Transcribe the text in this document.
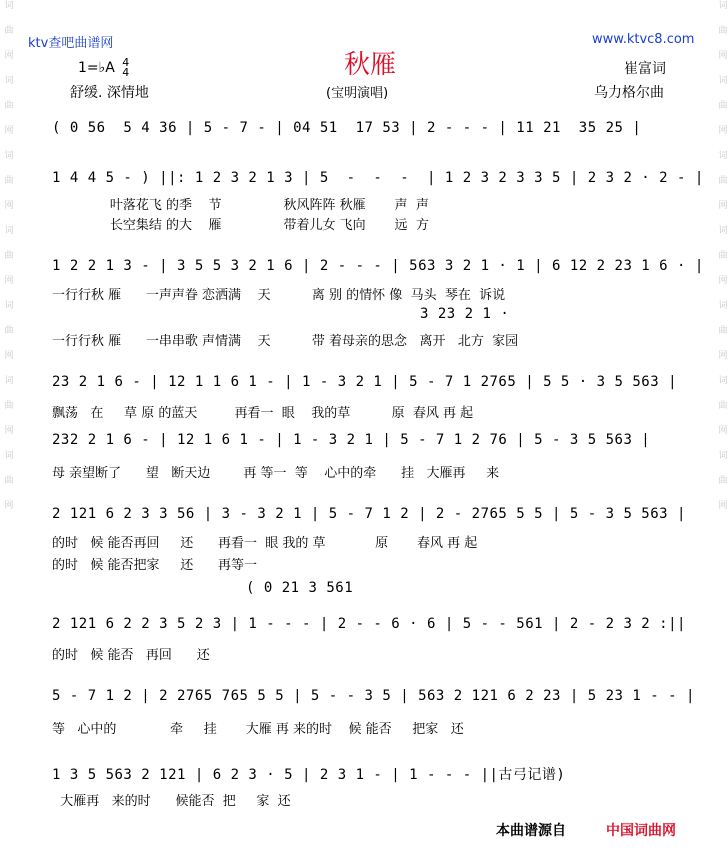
词
曲
网
词
曲
网
词
曲
网
词
曲
网
词
曲
网
词
曲
网
词
曲
网
词
曲
网
词
曲
网
词
曲
网
词
曲
网
词
曲
网
词
曲
网
词
曲
网
ktv查吧曲谱网	www.ktvc8.com
秋雁
(宝明演唱)
1=♭A 4
4
舒缓. 深情地
崔富词
乌力格尔曲
( 0 56  5 4 36 | 5 - 7 - | 04 51  17 53 | 2 - - - | 11 21  35 25 |
1 4 4 5 - ) ||: 1 2 3 2 1 3 | 5  -  -  -  | 1 2 3 2 3 3 5 | 2 3 2 · 2 - |
叶落花飞 的季    节               秋风阵阵 秋雁       声  声
长空集结 的大    雁               带着儿女 飞向       远  方
1 2 2 1 3 - | 3 5 5 3 2 1 6 | 2 - - - | 563 3 2 1 · 1 | 6 12 2 23 1 6 · |
一行行秋 雁      一声声眷 恋洒满    天          离 别 的情怀 像  马头  琴在  诉说
3 23 2 1 ·
一行行秋 雁      一串串歌 声情满    天          带 着母亲的思念   离开   北方  家园
23 2 1 6 - | 12 1 1 6 1 - | 1 - 3 2 1 | 5 - 7 1 2765 | 5 5 · 3 5 563 |
飘荡   在     草 原 的蓝天         再看一  眼    我的草          原  春风 再 起
232 2 1 6 - | 12 1 6 1 - | 1 - 3 2 1 | 5 - 7 1 2 76 | 5 - 3 5 563 |
母 亲望断了      望   断天边        再 等一  等    心中的牵      挂   大雁再     来
2 121 6 2 3 3 56 | 3 - 3 2 1 | 5 - 7 1 2 | 2 - 2765 5 5 | 5 - 3 5 563 |
的时   候 能否再回     还      再看一  眼 我的 草            原       春风 再 起
的时   候 能否把家     还      再等一
( 0 21 3 561
2 121 6 2 2 3 5 2 3 | 1 - - - | 2 - - 6 · 6 | 5 - - 561 | 2 - 2 3 2 :||
的时   候 能否   再回      还
5 - 7 1 2 | 2 2765 765 5 5 | 5 - - 3 5 | 563 2 121 6 2 23 | 5 23 1 - - |
等   心中的             牵     挂       大雁 再 来的时    候 能否     把家   还
1 3 5 563 2 121 | 6 2 3 · 5 | 2 3 1 - | 1 - - - ||古弓记谱)
大雁再   来的时      候能否  把     家  还
本曲谱源自	中国词曲网
